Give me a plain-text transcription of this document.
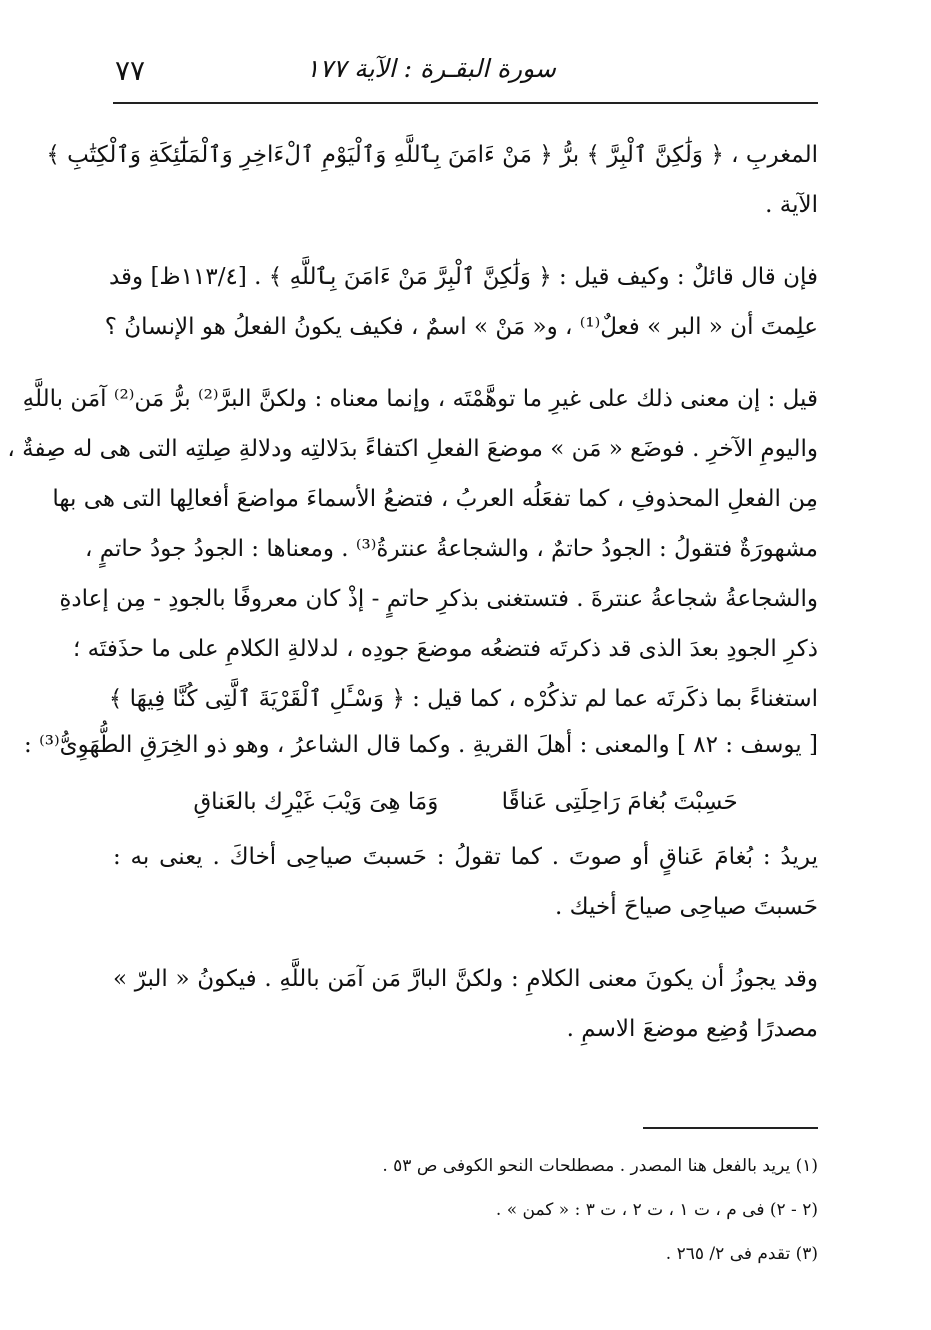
٧٧	سورة البقـرة : الآية ١٧٧
المغربِ ، ﴿ وَلَٰكِنَّ ٱلْبِرَّ ﴾ برُّ ﴿ مَنْ ءَامَنَ بِٱللَّهِ وَٱلْيَوْمِ ٱلْءَاخِرِ وَٱلْمَلَٰٓئِكَةِ وَٱلْكِتَٰبِ ﴾
الآية .
فإن قال قائلٌ : وكيف قيل : ﴿ وَلَٰكِنَّ ٱلْبِرَّ مَنْ ءَامَنَ بِٱللَّهِ ﴾ . [١١٣/٤ظ] وقد
علِمتَ أن « البر » فعلٌ⁽¹⁾ ، و« مَنْ » اسمٌ ، فكيف يكونُ الفعلُ هو الإنسانُ ؟
قيل : إن معنى ذلك على غيرِ ما توهَّمْتَه ، وإنما معناه : ولكنَّ البرَّ⁽²⁾ برُّ مَن⁽²⁾ آمَن باللَّهِ
واليومِ الآخرِ . فوضَع « مَن » موضعَ الفعلِ اكتفاءً بدَلالتِه ودلالةِ صِلتِه التى هى له صِفةٌ ،
مِن الفعلِ المحذوفِ ، كما تفعَلُه العربُ ، فتضعُ الأسماءَ مواضعَ أفعالِها التى هى بها
مشهورَةٌ فتقولُ : الجودُ حاتمٌ ، والشجاعةُ عنترةُ⁽³⁾ . ومعناها : الجودُ جودُ حاتمٍ ،
والشجاعةُ شجاعةُ عنترةَ . فتستغنى بذكرِ حاتمٍ - إذْ كان معروفًا بالجودِ - مِن إعادةِ
ذكرِ الجودِ بعدَ الذى قد ذكرتَه فتضعُه موضعَ جودِه ، لدلالةِ الكلامِ على ما حذَفتَه ؛
استغناءً بما ذكَرتَه عما لم تذكُرْه ، كما قيل : ﴿ وَسْـَٔلِ ٱلْقَرْيَةَ ٱلَّتِى كُنَّا فِيهَا ﴾
[ يوسف : ٨٢ ] والمعنى : أهلَ القريةِ . وكما قال الشاعرُ ، وهو ذو الخِرَقِ الطُّهَوِىُّ⁽³⁾ :
حَسِبْتَ بُغامَ رَاحِلَتِى عَناقًا وَمَا هِىَ وَيْبَ غَيْرِك بالعَناقِ
يريدُ : بُغامَ عَناقٍ أو صوتَ . كما تقولُ : حَسبتَ صياحِى أخاكَ . يعنى به :
حَسبتَ صياحِى صياحَ أخيك .
وقد يجوزُ أن يكونَ معنى الكلامِ : ولكنَّ البارَّ مَن آمَن باللَّهِ . فيكونُ « البرّ »
مصدرًا وُضِع موضعَ الاسمِ .
(١) يريد بالفعل هنا المصدر . مصطلحات النحو الكوفى ص ٥٣ .
(٢ - ٢) فى م ، ت ١ ، ت ٢ ، ت ٣ : « كمن » .
(٣) تقدم فى ٢/ ٢٦٥ .
